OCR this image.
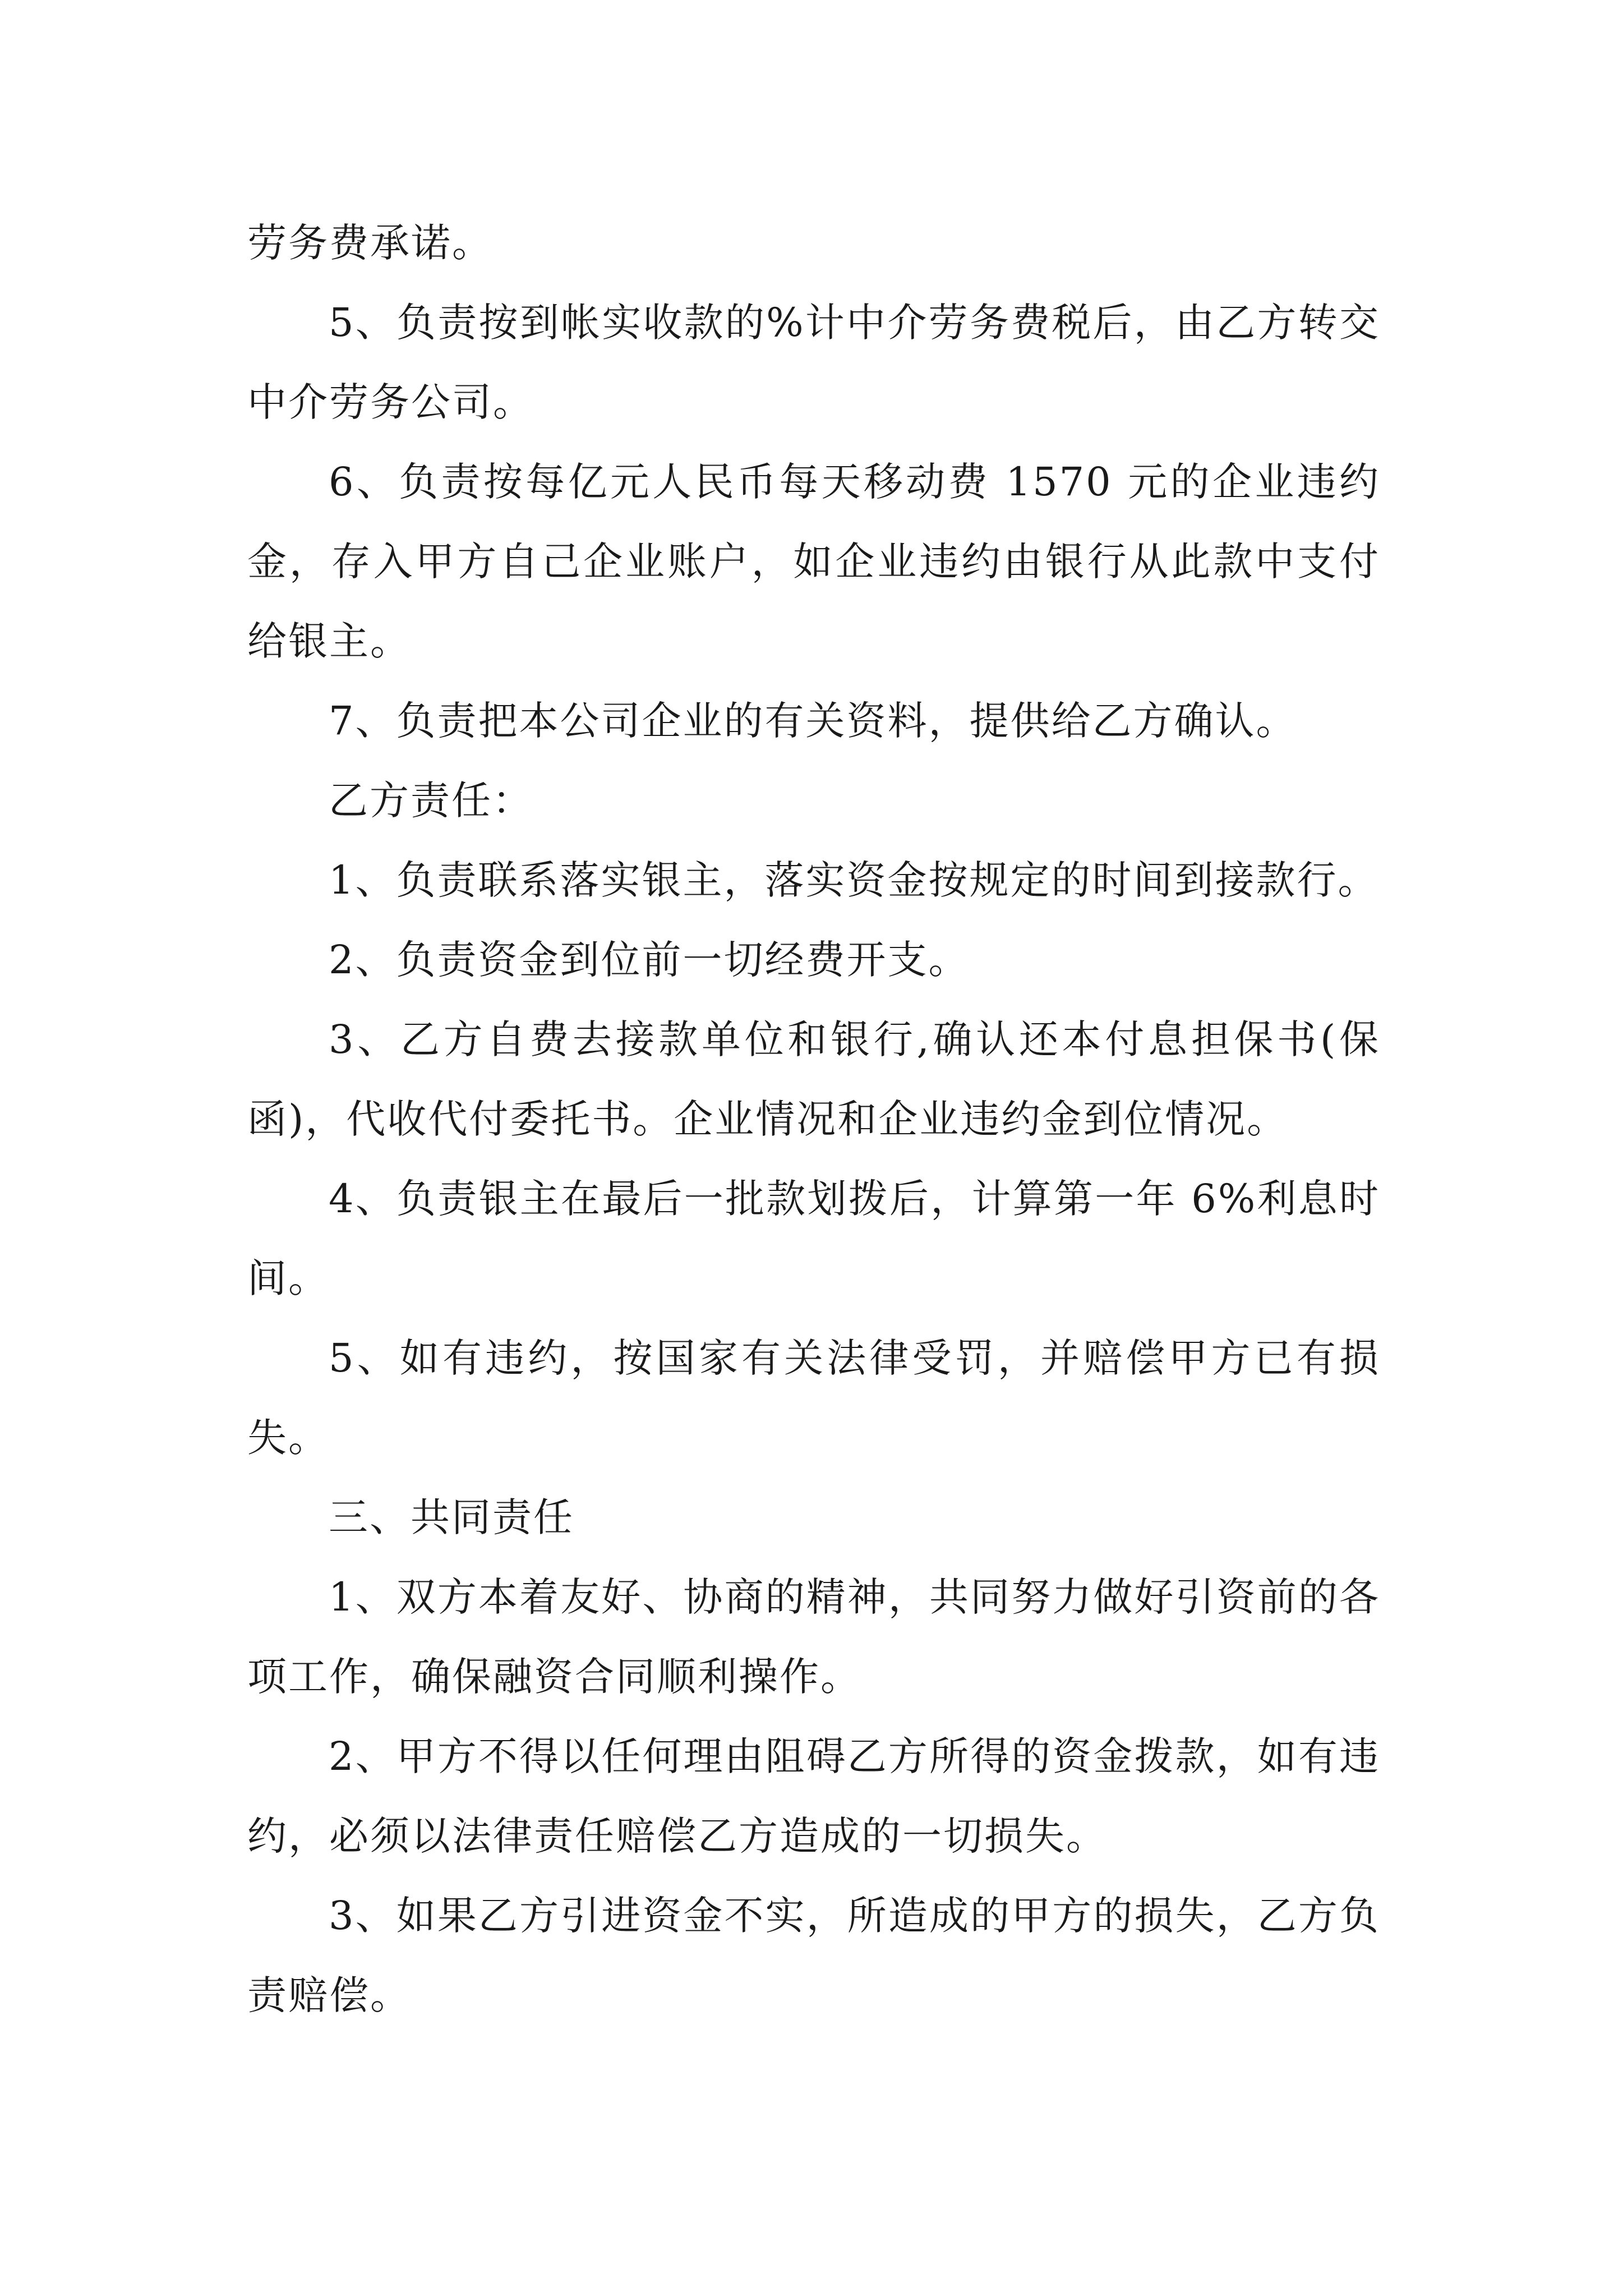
劳务费承诺。

5、负责按到帐实收款的%计中介劳务费税后，由乙方转交中介劳务公司。

6、负责按每亿元人民币每天移动费 1570 元的企业违约金，存入甲方自己企业账户，如企业违约由银行从此款中支付给银主。

7、负责把本公司企业的有关资料，提供给乙方确认。

乙方责任：

1、负责联系落实银主，落实资金按规定的时间到接款行。

2、负责资金到位前一切经费开支。

3、乙方自费去接款单位和银行,确认还本付息担保书(保函)，代收代付委托书。企业情况和企业违约金到位情况。

4、负责银主在最后一批款划拨后，计算第一年 6%利息时间。

5、如有违约，按国家有关法律受罚，并赔偿甲方已有损失。

三、共同责任

1、双方本着友好、协商的精神，共同努力做好引资前的各项工作，确保融资合同顺利操作。

2、甲方不得以任何理由阻碍乙方所得的资金拨款，如有违约，必须以法律责任赔偿乙方造成的一切损失。

3、如果乙方引进资金不实，所造成的甲方的损失，乙方负责赔偿。
